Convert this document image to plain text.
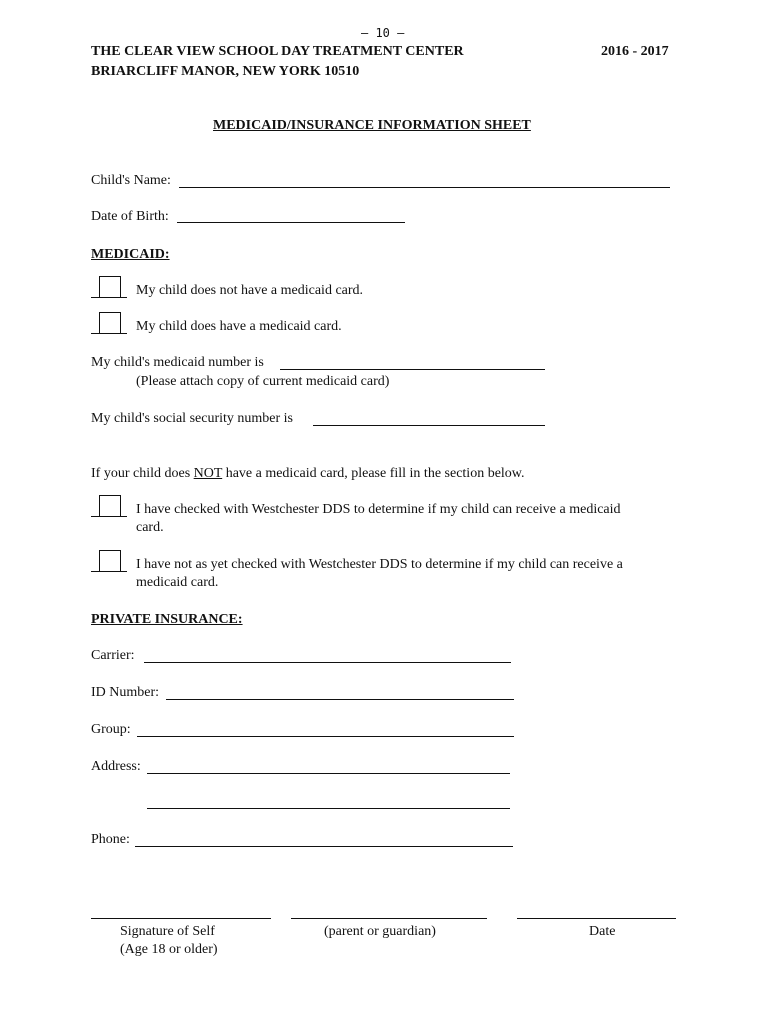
– 10 –
THE CLEAR VIEW SCHOOL DAY TREATMENT CENTER
BRIARCLIFF MANOR, NEW YORK 10510
2016 - 2017
MEDICAID/INSURANCE INFORMATION SHEET
Child's Name:
Date of Birth:
MEDICAID:
My child does not have a medicaid card.
My child does have a medicaid card.
My child's medicaid number is
(Please attach copy of current medicaid card)
My child's social security number is
If your child does NOT have a medicaid card, please fill in the section below.
I have checked with Westchester DDS to determine if my child can receive a medicaid
card.
I have not as yet checked with Westchester DDS to determine if my child can receive a
medicaid card.
PRIVATE INSURANCE:
Carrier:
ID Number:
Group:
Address:
Phone:
Signature of Self
(Age 18 or older)
(parent or guardian)	Date
